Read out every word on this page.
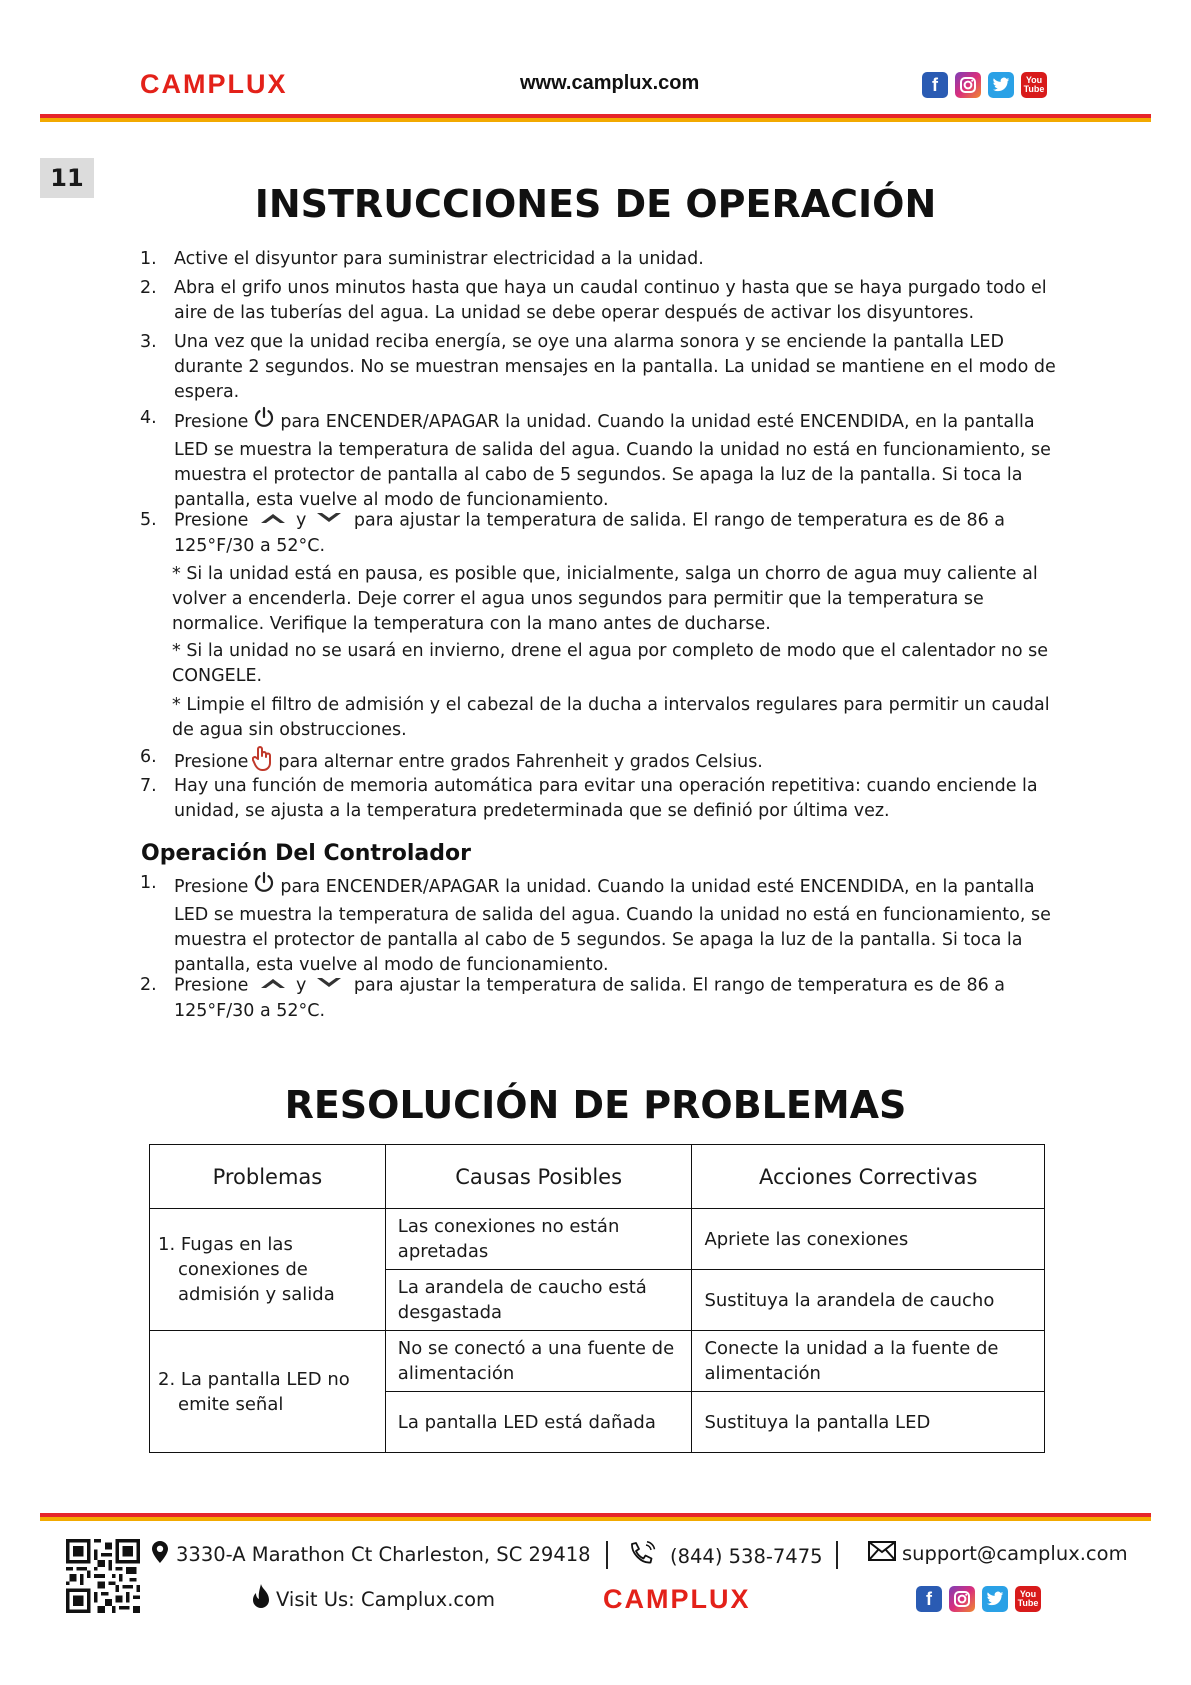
CAMPLUX	www.camplux.com	f	You
Tube
11
INSTRUCCIONES DE OPERACIÓN
1. Active el disyuntor para suministrar electricidad a la unidad.
2. Abra el grifo unos minutos hasta que haya un caudal continuo y hasta que se haya purgado todo el aire de las tuberías del agua. La unidad se debe operar después de activar los disyuntores.
3. Una vez que la unidad reciba energía, se oye una alarma sonora y se enciende la pantalla LED durante 2 segundos. No se muestran mensajes en la pantalla. La unidad se mantiene en el modo de espera.
4. Presione para ENCENDER/APAGAR la unidad. Cuando la unidad esté ENCENDIDA, en la pantalla LED se muestra la temperatura de salida del agua. Cuando la unidad no está en funcionamiento, se muestra el protector de pantalla al cabo de 5 segundos. Se apaga la luz de la pantalla. Si toca la pantalla, esta vuelve al modo de funcionamiento.
5. Presione	y	para ajustar la temperatura de salida. El rango de temperatura es de 86 a 125°F/30 a 52°C.
* Si la unidad está en pausa, es posible que, inicialmente, salga un chorro de agua muy caliente al volver a encenderla. Deje correr el agua unos segundos para permitir que la temperatura se normalice. Verifique la temperatura con la mano antes de ducharse.
* Si la unidad no se usará en invierno, drene el agua por completo de modo que el calentador no se CONGELE.
* Limpie el filtro de admisión y el cabezal de la ducha a intervalos regulares para permitir un caudal de agua sin obstrucciones.
6. Presione para alternar entre grados Fahrenheit y grados Celsius.
7. Hay una función de memoria automática para evitar una operación repetitiva: cuando enciende la unidad, se ajusta a la temperatura predeterminada que se definió por última vez.
Operación Del Controlador
1. Presione para ENCENDER/APAGAR la unidad. Cuando la unidad esté ENCENDIDA, en la pantalla LED se muestra la temperatura de salida del agua. Cuando la unidad no está en funcionamiento, se muestra el protector de pantalla al cabo de 5 segundos. Se apaga la luz de la pantalla. Si toca la pantalla, esta vuelve al modo de funcionamiento.
2. Presione	y	para ajustar la temperatura de salida. El rango de temperatura es de 86 a 125°F/30 a 52°C.
RESOLUCIÓN DE PROBLEMAS
Problemas	Causas Posibles	Acciones Correctivas

1. Fugas en las
conexiones de admisión y salida	Las conexiones no están apretadas	Apriete las conexiones
	La arandela de caucho está desgastada	Sustituya la arandela de caucho

2. La pantalla LED no
emite señal	No se conectó a una fuente de alimentación	Conecte la unidad a la fuente de alimentación
	La pantalla LED está dañada	Sustituya la pantalla LED
3330-A Marathon Ct Charleston, SC 29418	(844) 538-7475	support@camplux.com
Visit Us: Camplux.com	CAMPLUX	f	You
Tube
